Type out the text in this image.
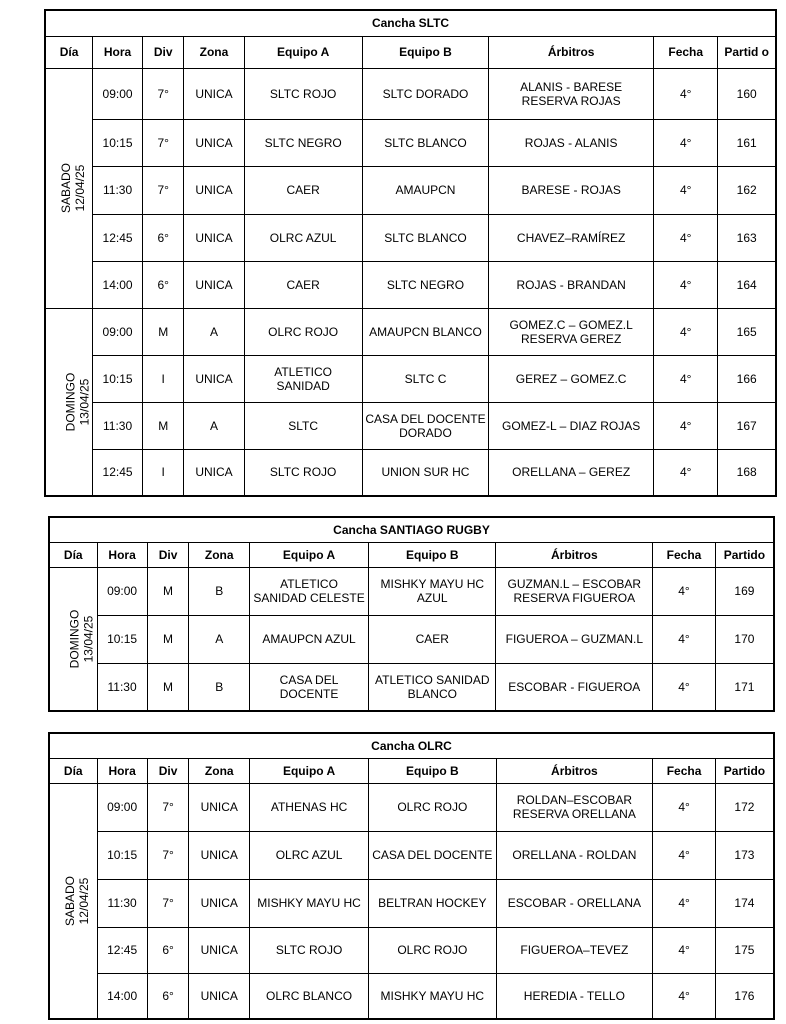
Cancha SLTC								
Día	Hora	Div	Zona	Equipo A	Equipo B	Árbitros	Fecha	Partid o
SABADO
12/04/25	09:00	7°	UNICA	SLTC ROJO	SLTC DORADO	ALANIS - BARESE RESERVA ROJAS	4°	160
	10:15	7°	UNICA	SLTC NEGRO	SLTC BLANCO	ROJAS - ALANIS	4°	161
	11:30	7°	UNICA	CAER	AMAUPCN	BARESE - ROJAS	4°	162
	12:45	6°	UNICA	OLRC AZUL	SLTC BLANCO	CHAVEZ–RAMÍREZ	4°	163
	14:00	6°	UNICA	CAER	SLTC NEGRO	ROJAS - BRANDAN	4°	164
DOMINGO
13/04/25	09:00	M	A	OLRC ROJO	AMAUPCN BLANCO	GOMEZ.C – GOMEZ.L RESERVA GEREZ	4°	165
	10:15	I	UNICA	ATLETICO SANIDAD	SLTC C	GEREZ – GOMEZ.C	4°	166
	11:30	M	A	SLTC	CASA DEL DOCENTE DORADO	GOMEZ-L – DIAZ ROJAS	4°	167
	12:45	I	UNICA	SLTC ROJO	UNION SUR HC	ORELLANA – GEREZ	4°	168
Cancha SANTIAGO RUGBY								
Día	Hora	Div	Zona	Equipo A	Equipo B	Árbitros	Fecha	Partido
DOMINGO
13/04/25	09:00	M	B	ATLETICO SANIDAD CELESTE	MISHKY MAYU HC AZUL	GUZMAN.L – ESCOBAR RESERVA FIGUEROA	4°	169
	10:15	M	A	AMAUPCN AZUL	CAER	FIGUEROA – GUZMAN.L	4°	170
	11:30	M	B	CASA DEL DOCENTE	ATLETICO SANIDAD BLANCO	ESCOBAR - FIGUEROA	4°	171
Cancha OLRC								
Día	Hora	Div	Zona	Equipo A	Equipo B	Árbitros	Fecha	Partido
SABADO
12/04/25	09:00	7°	UNICA	ATHENAS HC	OLRC ROJO	ROLDAN–ESCOBAR RESERVA ORELLANA	4°	172
	10:15	7°	UNICA	OLRC AZUL	CASA DEL DOCENTE	ORELLANA - ROLDAN	4°	173
	11:30	7°	UNICA	MISHKY MAYU HC	BELTRAN HOCKEY	ESCOBAR - ORELLANA	4°	174
	12:45	6°	UNICA	SLTC ROJO	OLRC ROJO	FIGUEROA–TEVEZ	4°	175
	14:00	6°	UNICA	OLRC BLANCO	MISHKY MAYU HC	HEREDIA - TELLO	4°	176
